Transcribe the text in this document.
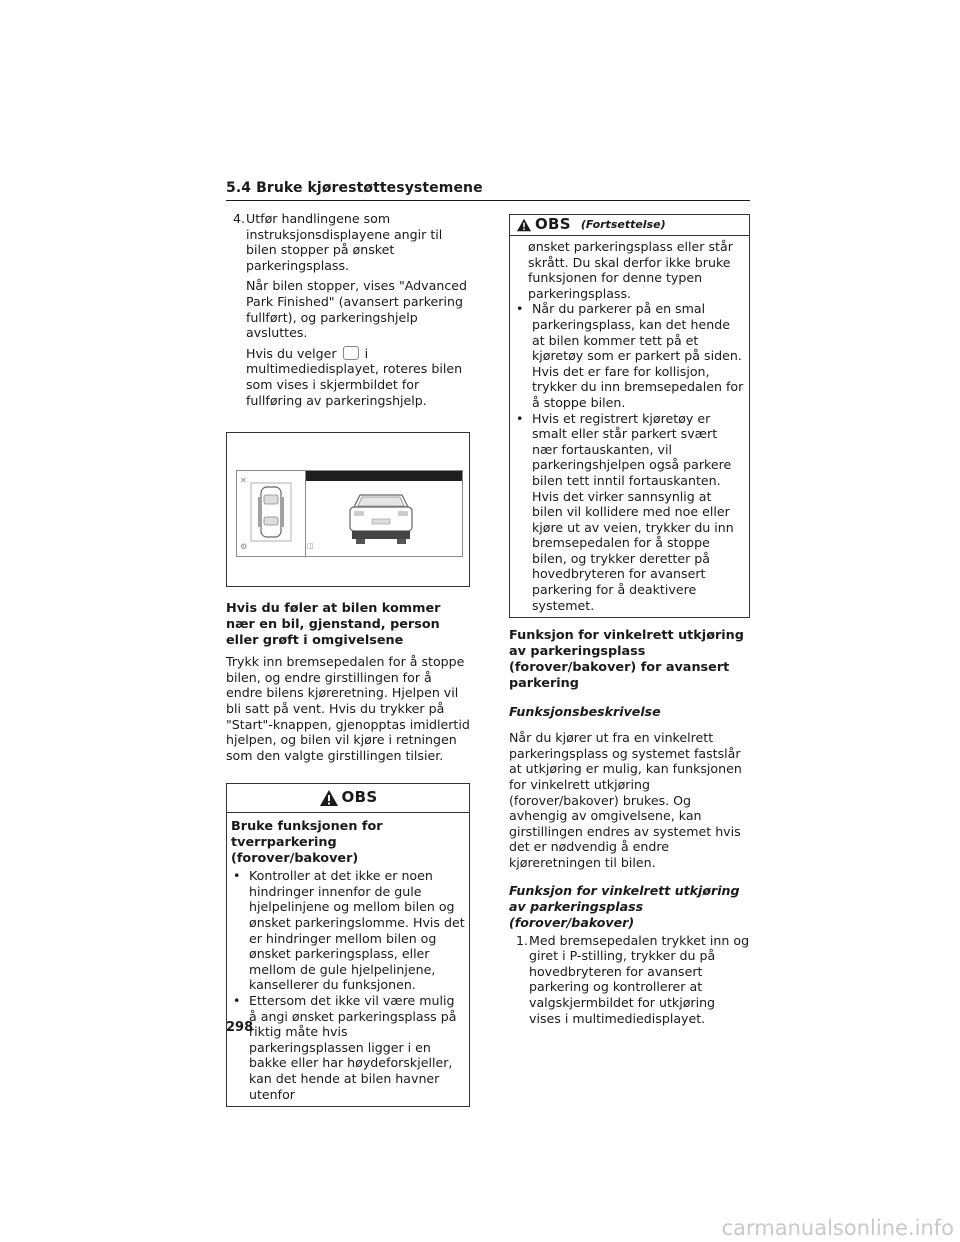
5.4 Bruke kjørestøttesystemene
4. Utfør handlingene som instruksjonsdisplayene angir til bilen stopper på ønsket parkeringsplass.

Når bilen stopper, vises "Advanced Park Finished" (avansert parkering fullført), og parkeringshjelp avsluttes.

Hvis du velger i multimediedisplayet, roteres bilen som vises i skjermbildet for fullføring av parkeringshjelp.

✕
⚙	◫
Hvis du føler at bilen kommer nær en bil, gjenstand, person eller grøft i omgivelsene

Trykk inn bremsepedalen for å stoppe bilen, og endre girstillingen for å endre bilens kjøreretning. Hjelpen vil bli satt på vent. Hvis du trykker på "Start"-knappen, gjenopptas imidlertid hjelpen, og bilen vil kjøre i retningen som den valgte girstillingen tilsier.

OBS
Bruke funksjonen for tverrparkering (forover/bakover)
• Kontroller at det ikke er noen hindringer innenfor de gule hjelpelinjene og mellom bilen og ønsket parkeringslomme. Hvis det er hindringer mellom bilen og ønsket parkeringsplass, eller mellom de gule hjelpelinjene, kansellerer du funksjonen.
• Ettersom det ikke vil være mulig å angi ønsket parkeringsplass på riktig måte hvis parkeringsplassen ligger i en bakke eller har høydeforskjeller, kan det hende at bilen havner utenfor
OBS (Fortsettelse)
ønsket parkeringsplass eller står skrått. Du skal derfor ikke bruke funksjonen for denne typen parkeringsplass.
• Når du parkerer på en smal parkeringsplass, kan det hende at bilen kommer tett på et kjøretøy som er parkert på siden. Hvis det er fare for kollisjon, trykker du inn bremsepedalen for å stoppe bilen.
• Hvis et registrert kjøretøy er smalt eller står parkert svært nær fortauskanten, vil parkeringshjelpen også parkere bilen tett inntil fortauskanten. Hvis det virker sannsynlig at bilen vil kollidere med noe eller kjøre ut av veien, trykker du inn bremsepedalen for å stoppe bilen, og trykker deretter på hovedbryteren for avansert parkering for å deaktivere systemet.
Funksjon for vinkelrett utkjøring av parkeringsplass (forover/bakover) for avansert parkering
Funksjonsbeskrivelse

Når du kjører ut fra en vinkelrett parkeringsplass og systemet fastslår at utkjøring er mulig, kan funksjonen for vinkelrett utkjøring (forover/bakover) brukes. Og avhengig av omgivelsene, kan girstillingen endres av systemet hvis det er nødvendig å endre kjøreretningen til bilen.

Funksjon for vinkelrett utkjøring av parkeringsplass (forover/bakover)
1. Med bremsepedalen trykket inn og giret i P-stilling, trykker du på hovedbryteren for avansert parkering og kontrollerer at valgskjermbildet for utkjøring vises i multimediedisplayet.
298
carmanualsonline.info
